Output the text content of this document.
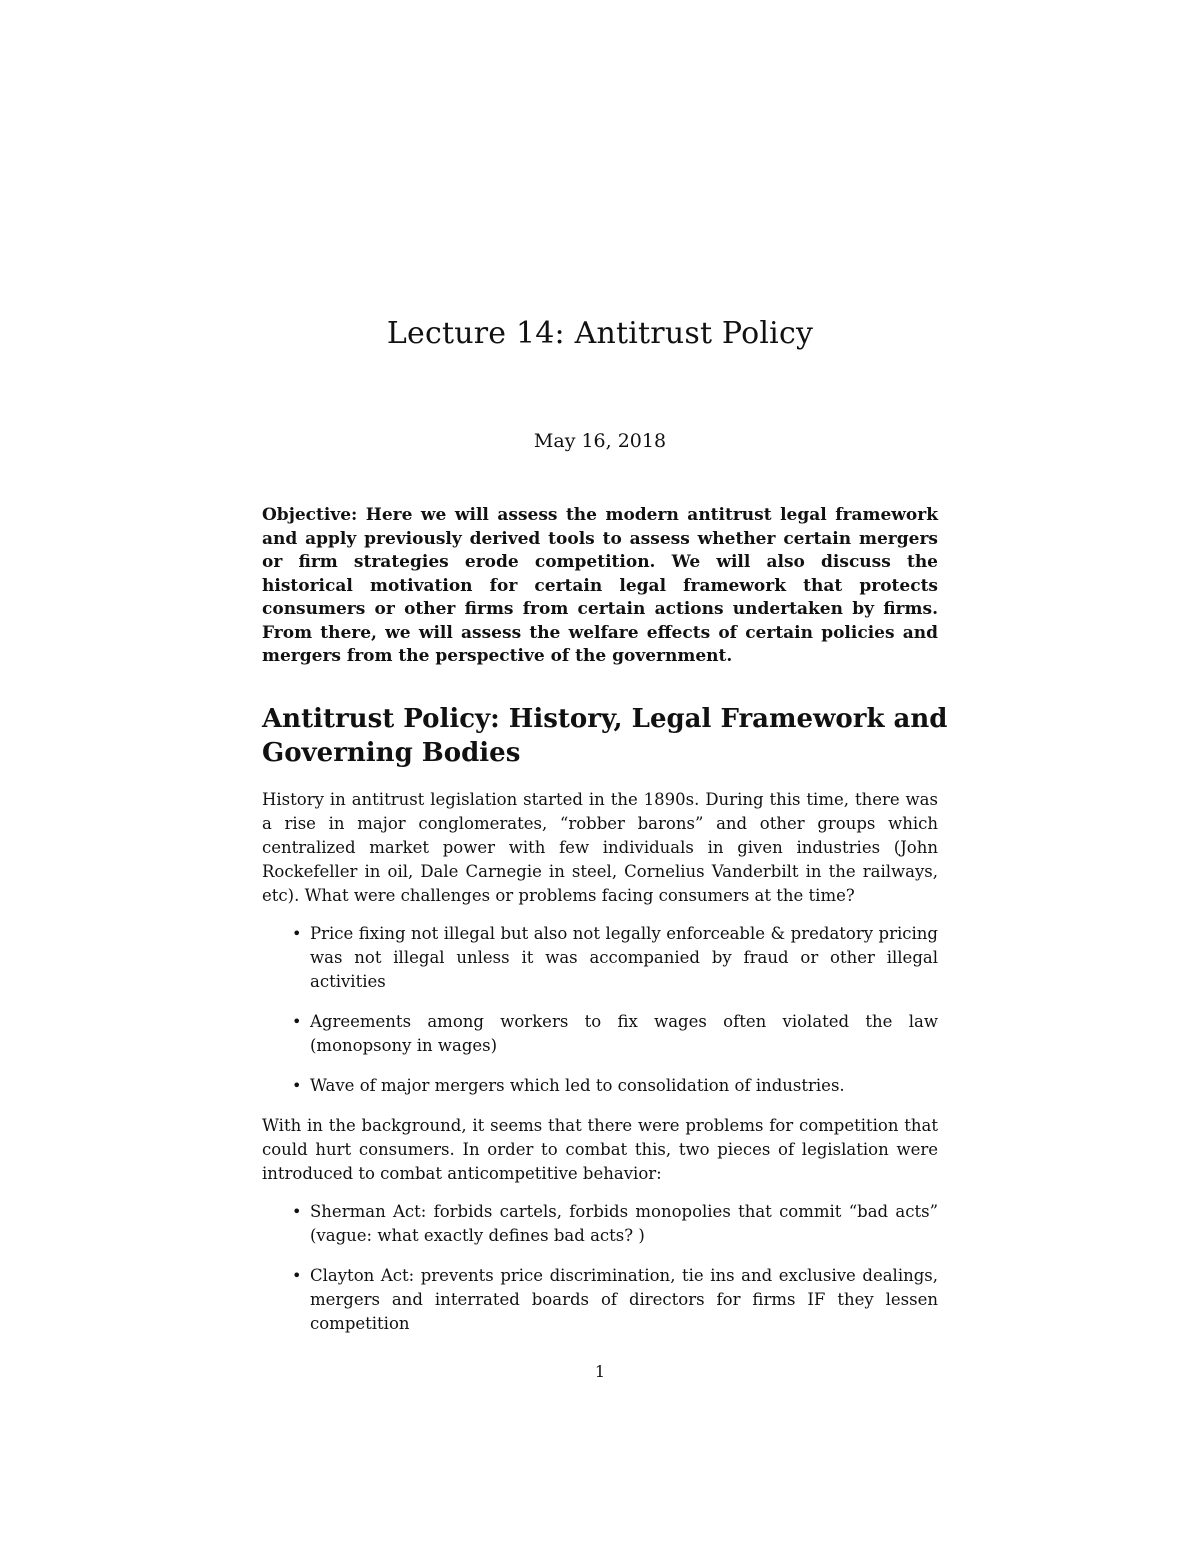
Lecture 14: Antitrust Policy
May 16, 2018

Objective: Here we will assess the modern antitrust legal framework and apply previously derived tools to assess whether certain mergers or firm strategies erode competition. We will also discuss the historical motivation for certain legal framework that protects consumers or other firms from certain actions undertaken by firms. From there, we will assess the welfare effects of certain policies and mergers from the perspective of the government.

Antitrust Policy: History, Legal Framework and Governing Bodies

History in antitrust legislation started in the 1890s. During this time, there was a rise in major conglomerates, “robber barons” and other groups which centralized market power with few individuals in given industries (John Rockefeller in oil, Dale Carnegie in steel, Cornelius Vanderbilt in the railways, etc). What were challenges or problems facing consumers at the time?

• Price fixing not illegal but also not legally enforceable & predatory pricing was not illegal unless it was accompanied by fraud or other illegal activities
• Agreements among workers to fix wages often violated the law (monopsony in wages)
• Wave of major mergers which led to consolidation of industries.

With in the background, it seems that there were problems for competition that could hurt consumers. In order to combat this, two pieces of legislation were introduced to combat anticompetitive behavior:

• Sherman Act: forbids cartels, forbids monopolies that commit “bad acts” (vague: what exactly defines bad acts? )
• Clayton Act: prevents price discrimination, tie ins and exclusive dealings, mergers and interrated boards of directors for firms IF they lessen competition
1
